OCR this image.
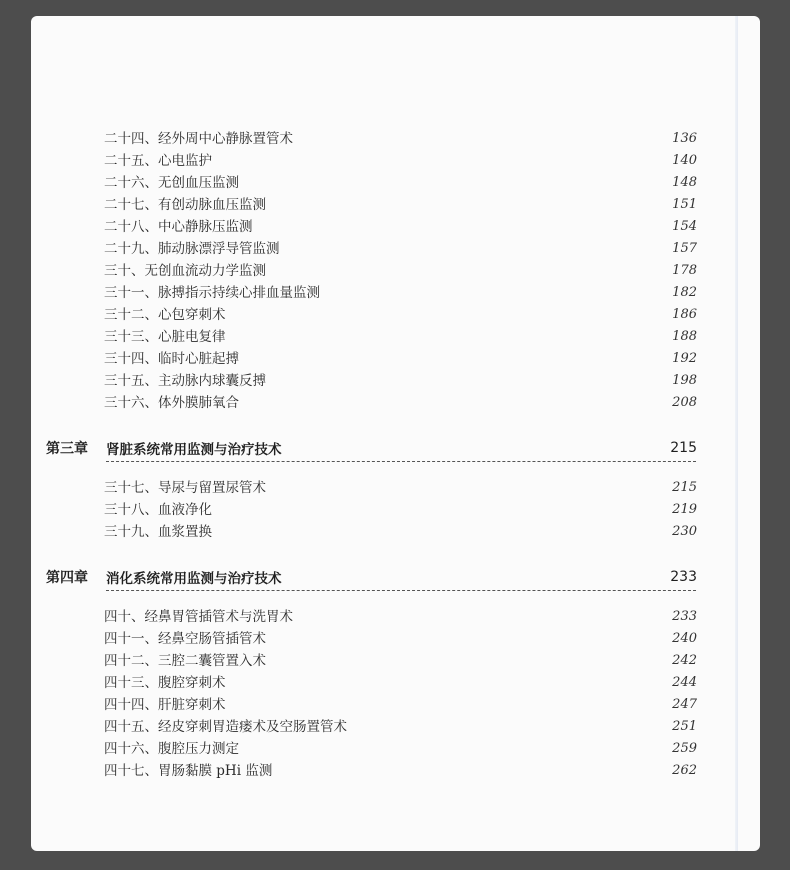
二十四、经外周中心静脉置管术	136
二十五、心电监护	140
二十六、无创血压监测	148
二十七、有创动脉血压监测	151
二十八、中心静脉压监测	154
二十九、肺动脉漂浮导管监测	157
三十、无创血流动力学监测	178
三十一、脉搏指示持续心排血量监测	182
三十二、心包穿刺术	186
三十三、心脏电复律	188
三十四、临时心脏起搏	192
三十五、主动脉内球囊反搏	198
三十六、体外膜肺氧合	208
第三章	肾脏系统常用监测与治疗技术	215
三十七、导尿与留置尿管术	215
三十八、血液净化	219
三十九、血浆置换	230
第四章	消化系统常用监测与治疗技术	233
四十、经鼻胃管插管术与洗胃术	233
四十一、经鼻空肠管插管术	240
四十二、三腔二囊管置入术	242
四十三、腹腔穿刺术	244
四十四、肝脏穿刺术	247
四十五、经皮穿刺胃造瘘术及空肠置管术	251
四十六、腹腔压力测定	259
四十七、胃肠黏膜 pHi 监测	262
